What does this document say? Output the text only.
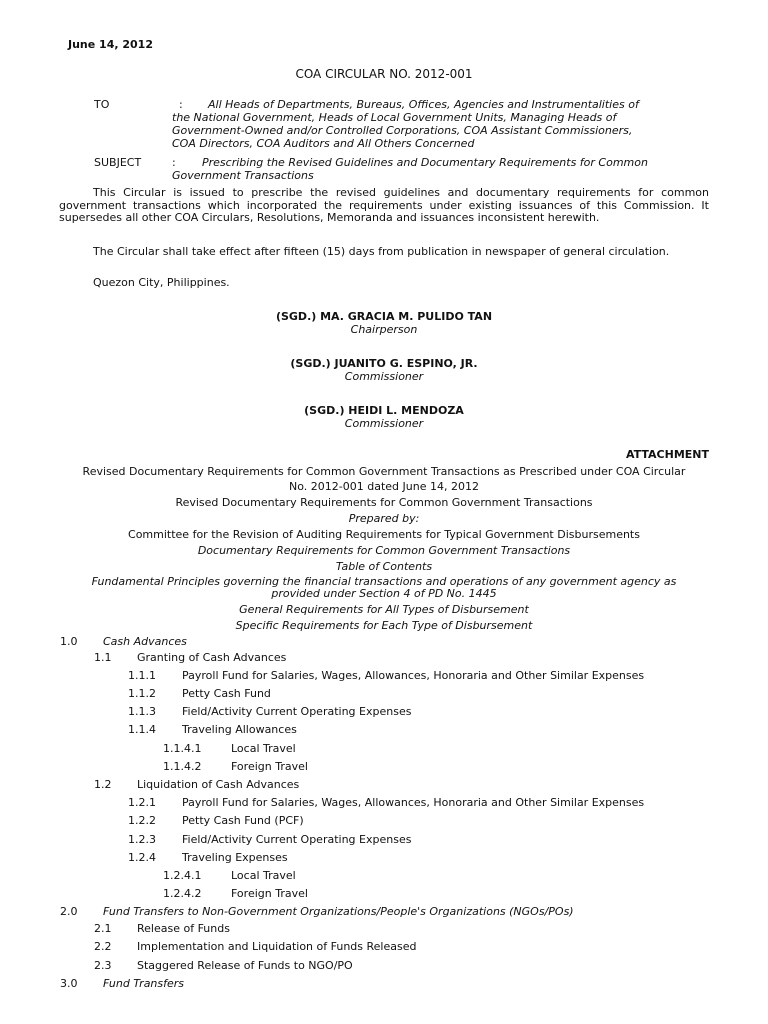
June 14, 2012
COA CIRCULAR NO. 2012-001
TO	: All Heads of Departments, Bureaus, Offices, Agencies and Instrumentalities of
the National Government, Heads of Local Government Units, Managing Heads of
Government-Owned and/or Controlled Corporations, COA Assistant Commissioners,
COA Directors, COA Auditors and All Others Concerned
SUBJECT	: Prescribing the Revised Guidelines and Documentary Requirements for Common
Government Transactions
This Circular is issued to prescribe the revised guidelines and documentary requirements for common government transactions which incorporated the requirements under existing issuances of this Commission. It supersedes all other COA Circulars, Resolutions, Memoranda and issuances inconsistent herewith.
The Circular shall take effect after fifteen (15) days from publication in newspaper of general circulation.
Quezon City, Philippines.
(SGD.) MA. GRACIA M. PULIDO TAN
Chairperson
(SGD.) JUANITO G. ESPINO, JR.
Commissioner
(SGD.) HEIDI L. MENDOZA
Commissioner
ATTACHMENT
Revised Documentary Requirements for Common Government Transactions as Prescribed under COA Circular
No. 2012-001 dated June 14, 2012
Revised Documentary Requirements for Common Government Transactions
Prepared by:
Committee for the Revision of Auditing Requirements for Typical Government Disbursements
Documentary Requirements for Common Government Transactions
Table of Contents
Fundamental Principles governing the financial transactions and operations of any government agency as
provided under Section 4 of PD No. 1445
General Requirements for All Types of Disbursement
Specific Requirements for Each Type of Disbursement
1.0 Cash Advances
1.1 Granting of Cash Advances
1.1.1 Payroll Fund for Salaries, Wages, Allowances, Honoraria and Other Similar Expenses
1.1.2 Petty Cash Fund
1.1.3 Field/Activity Current Operating Expenses
1.1.4 Traveling Allowances
1.1.4.1	Local Travel
1.1.4.2	Foreign Travel
1.2 Liquidation of Cash Advances
1.2.1 Payroll Fund for Salaries, Wages, Allowances, Honoraria and Other Similar Expenses
1.2.2 Petty Cash Fund (PCF)
1.2.3 Field/Activity Current Operating Expenses
1.2.4 Traveling Expenses
1.2.4.1	Local Travel
1.2.4.2	Foreign Travel
2.0 Fund Transfers to Non-Government Organizations/People's Organizations (NGOs/POs)
2.1 Release of Funds
2.2 Implementation and Liquidation of Funds Released
2.3 Staggered Release of Funds to NGO/PO
3.0 Fund Transfers
